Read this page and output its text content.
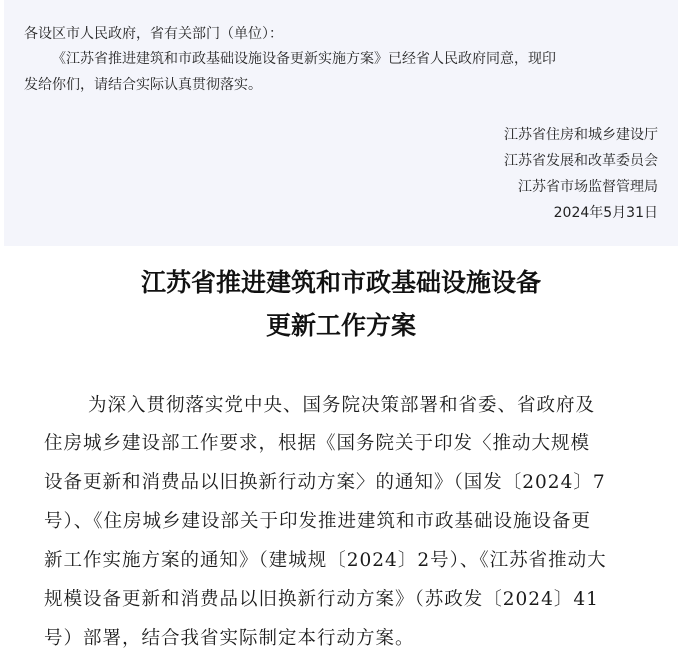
各设区市人民政府，省有关部门（单位）：
《江苏省推进建筑和市政基础设施设备更新实施方案》已经省人民政府同意，现印
发给你们，请结合实际认真贯彻落实。
江苏省住房和城乡建设厅
江苏省发展和改革委员会
江苏省市场监督管理局
2024年5月31日
江苏省推进建筑和市政基础设施设备
更新工作方案
为深入贯彻落实党中央、国务院决策部署和省委、省政府及
住房城乡建设部工作要求，根据《国务院关于印发〈推动大规模
设备更新和消费品以旧换新行动方案〉的通知》（国发〔2024〕7
号）、《住房城乡建设部关于印发推进建筑和市政基础设施设备更
新工作实施方案的通知》（建城规〔2024〕2号）、《江苏省推动大
规模设备更新和消费品以旧换新行动方案》（苏政发〔2024〕41
号）部署，结合我省实际制定本行动方案。
